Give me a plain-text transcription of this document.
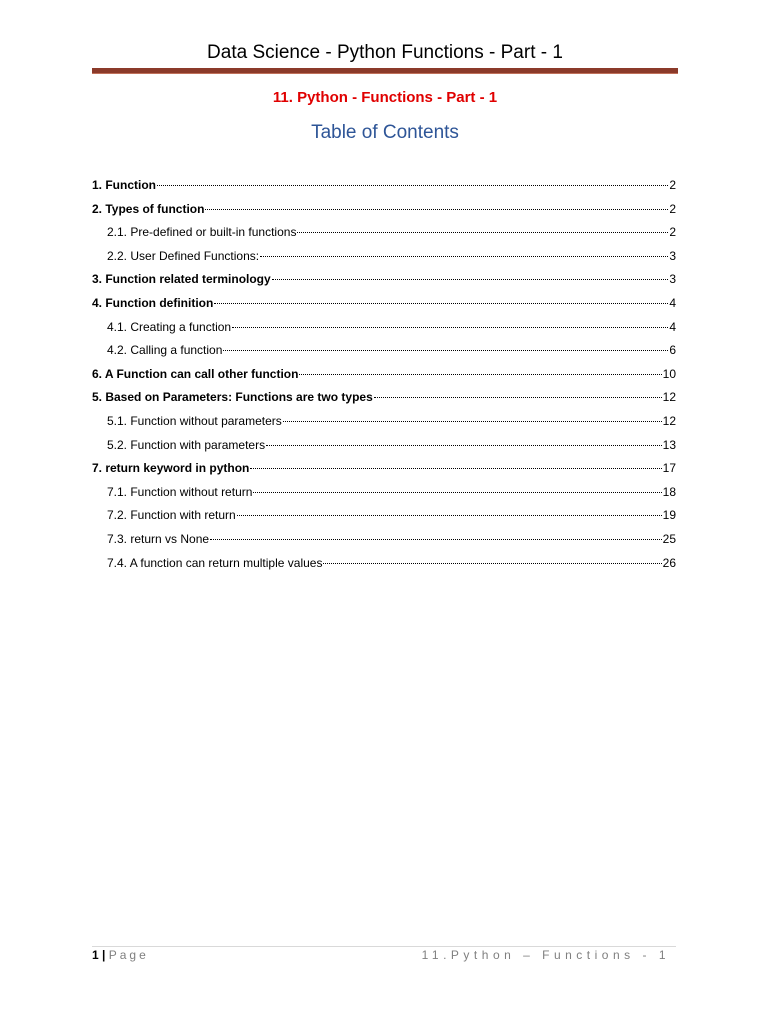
Data Science - Python Functions - Part - 1
11. Python - Functions - Part - 1
Table of Contents
1. Function	2
2. Types of function	2
2.1. Pre-defined or built-in functions	2
2.2. User Defined Functions:	3
3. Function related terminology	3
4. Function definition	4
4.1. Creating a function	4
4.2. Calling a function	6
6. A Function can call other function	10
5. Based on Parameters: Functions are two types	12
5.1. Function without parameters	12
5.2. Function with parameters	13
7. return keyword in python	17
7.1. Function without return	18
7.2. Function with return	19
7.3. return vs None	25
7.4. A function can return multiple values	26
1 | Page	11.Python – Functions - 1
